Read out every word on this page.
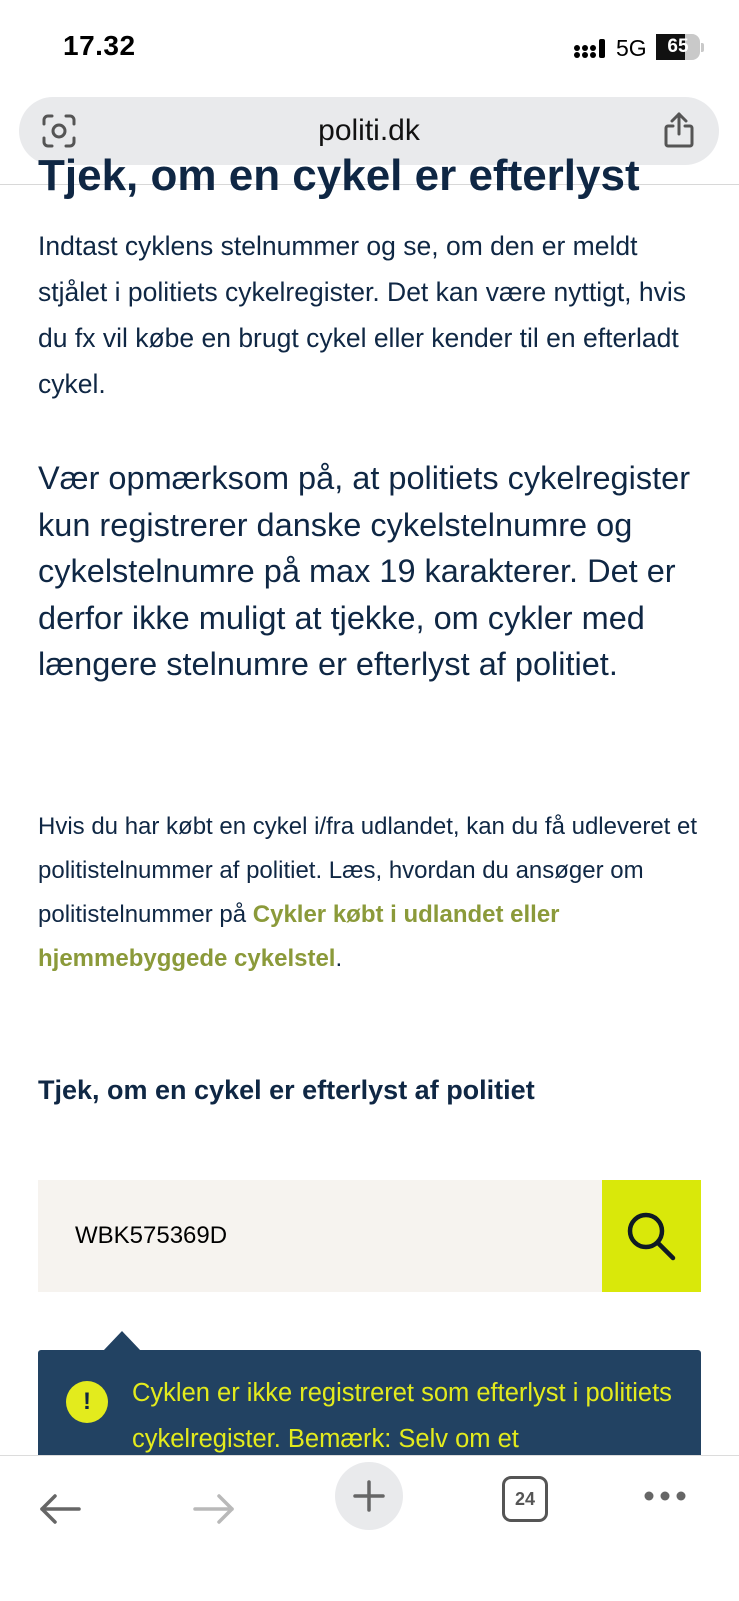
17.32	5G	65
politi.dk
Tjek, om en cykel er efterlyst

Indtast cyklens stelnummer og se, om den er meldt stjålet i politiets cykelregister. Det kan være nyttigt, hvis du fx vil købe en brugt cykel eller kender til en efterladt cykel.

Vær opmærksom på, at politiets cykelregister kun registrerer danske cykelstelnumre og cykelstelnumre på max 19 karakterer. Det er derfor ikke muligt at tjekke, om cykler med længere stelnumre er efterlyst af politiet.

Hvis du har købt en cykel i/fra udlandet, kan du få udleveret et politistelnummer af politiet. Læs, hvordan du ansøger om politistelnummer på Cykler købt i udlandet eller hjemmebyggede cykelstel.

Tjek, om en cykel er efterlyst af politiet
WBK575369D
!	Cyklen er ikke registreret som efterlyst i politiets cykelregister. Bemærk: Selv om et

24
